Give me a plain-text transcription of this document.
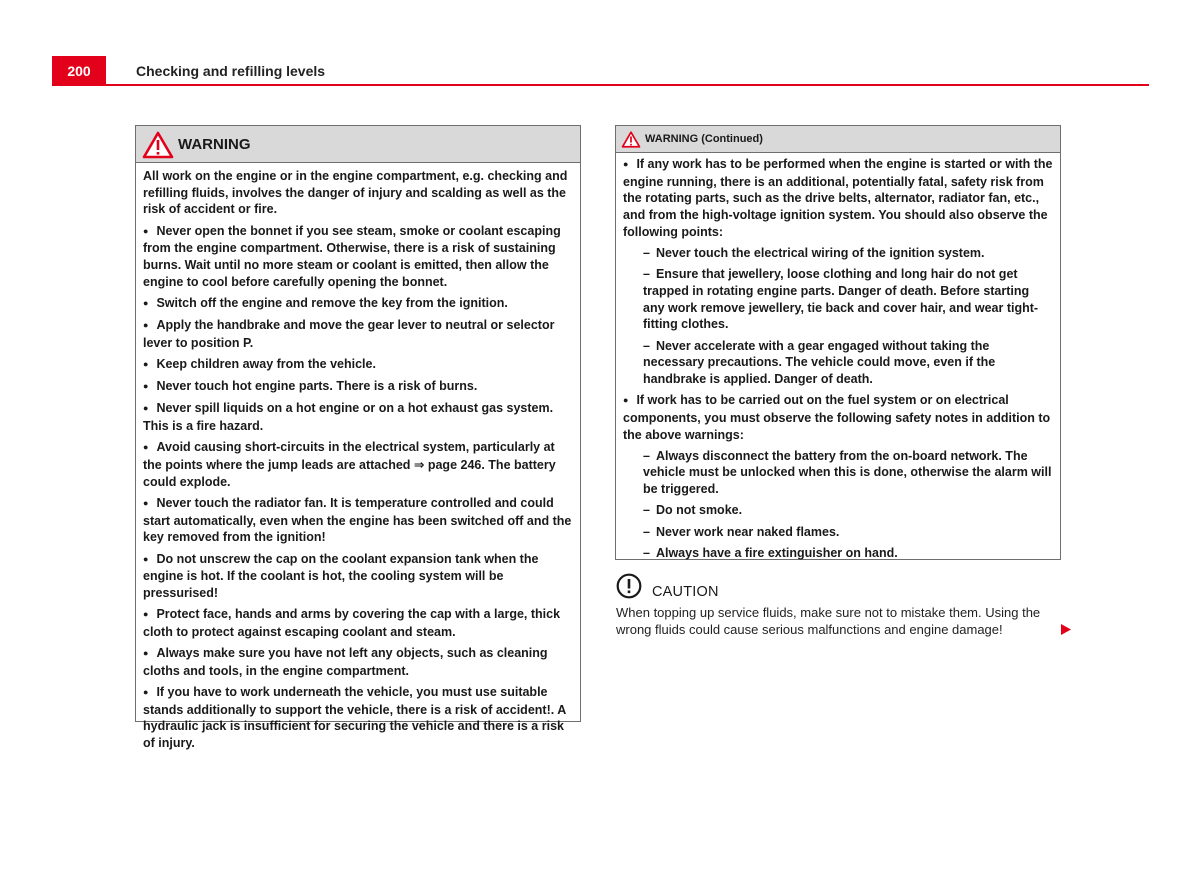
200	Checking and refilling levels
WARNING

All work on the engine or in the engine compartment, e.g. checking and refilling fluids, involves the danger of injury and scalding as well as the risk of accident or fire.

● Never open the bonnet if you see steam, smoke or coolant escaping from the engine compartment. Otherwise, there is a risk of sustaining burns. Wait until no more steam or coolant is emitted, then allow the engine to cool before carefully opening the bonnet.

● Switch off the engine and remove the key from the ignition.

● Apply the handbrake and move the gear lever to neutral or selector lever to position P.

● Keep children away from the vehicle.

● Never touch hot engine parts. There is a risk of burns.

● Never spill liquids on a hot engine or on a hot exhaust gas system. This is a fire hazard.

● Avoid causing short-circuits in the electrical system, particularly at the points where the jump leads are attached ⇒ page 246. The battery could explode.

● Never touch the radiator fan. It is temperature controlled and could start automatically, even when the engine has been switched off and the key removed from the ignition!

● Do not unscrew the cap on the coolant expansion tank when the engine is hot. If the coolant is hot, the cooling system will be pressurised!

● Protect face, hands and arms by covering the cap with a large, thick cloth to protect against escaping coolant and steam.

● Always make sure you have not left any objects, such as cleaning cloths and tools, in the engine compartment.

● If you have to work underneath the vehicle, you must use suitable stands additionally to support the vehicle, there is a risk of accident!. A hydraulic jack is insufficient for securing the vehicle and there is a risk of injury.

WARNING (Continued)

● If any work has to be performed when the engine is started or with the engine running, there is an additional, potentially fatal, safety risk from the rotating parts, such as the drive belts, alternator, radiator fan, etc., and from the high-voltage ignition system. You should also observe the following points:

– Never touch the electrical wiring of the ignition system.

– Ensure that jewellery, loose clothing and long hair do not get trapped in rotating engine parts. Danger of death. Before starting any work remove jewellery, tie back and cover hair, and wear tight-fitting clothes.

– Never accelerate with a gear engaged without taking the necessary precautions. The vehicle could move, even if the handbrake is applied. Danger of death.

● If work has to be carried out on the fuel system or on electrical components, you must observe the following safety notes in addition to the above warnings:

– Always disconnect the battery from the on-board network. The vehicle must be unlocked when this is done, otherwise the alarm will be triggered.

– Do not smoke.

– Never work near naked flames.

– Always have a fire extinguisher on hand.

CAUTION
When topping up service fluids, make sure not to mistake them. Using the wrong fluids could cause serious malfunctions and engine damage!
